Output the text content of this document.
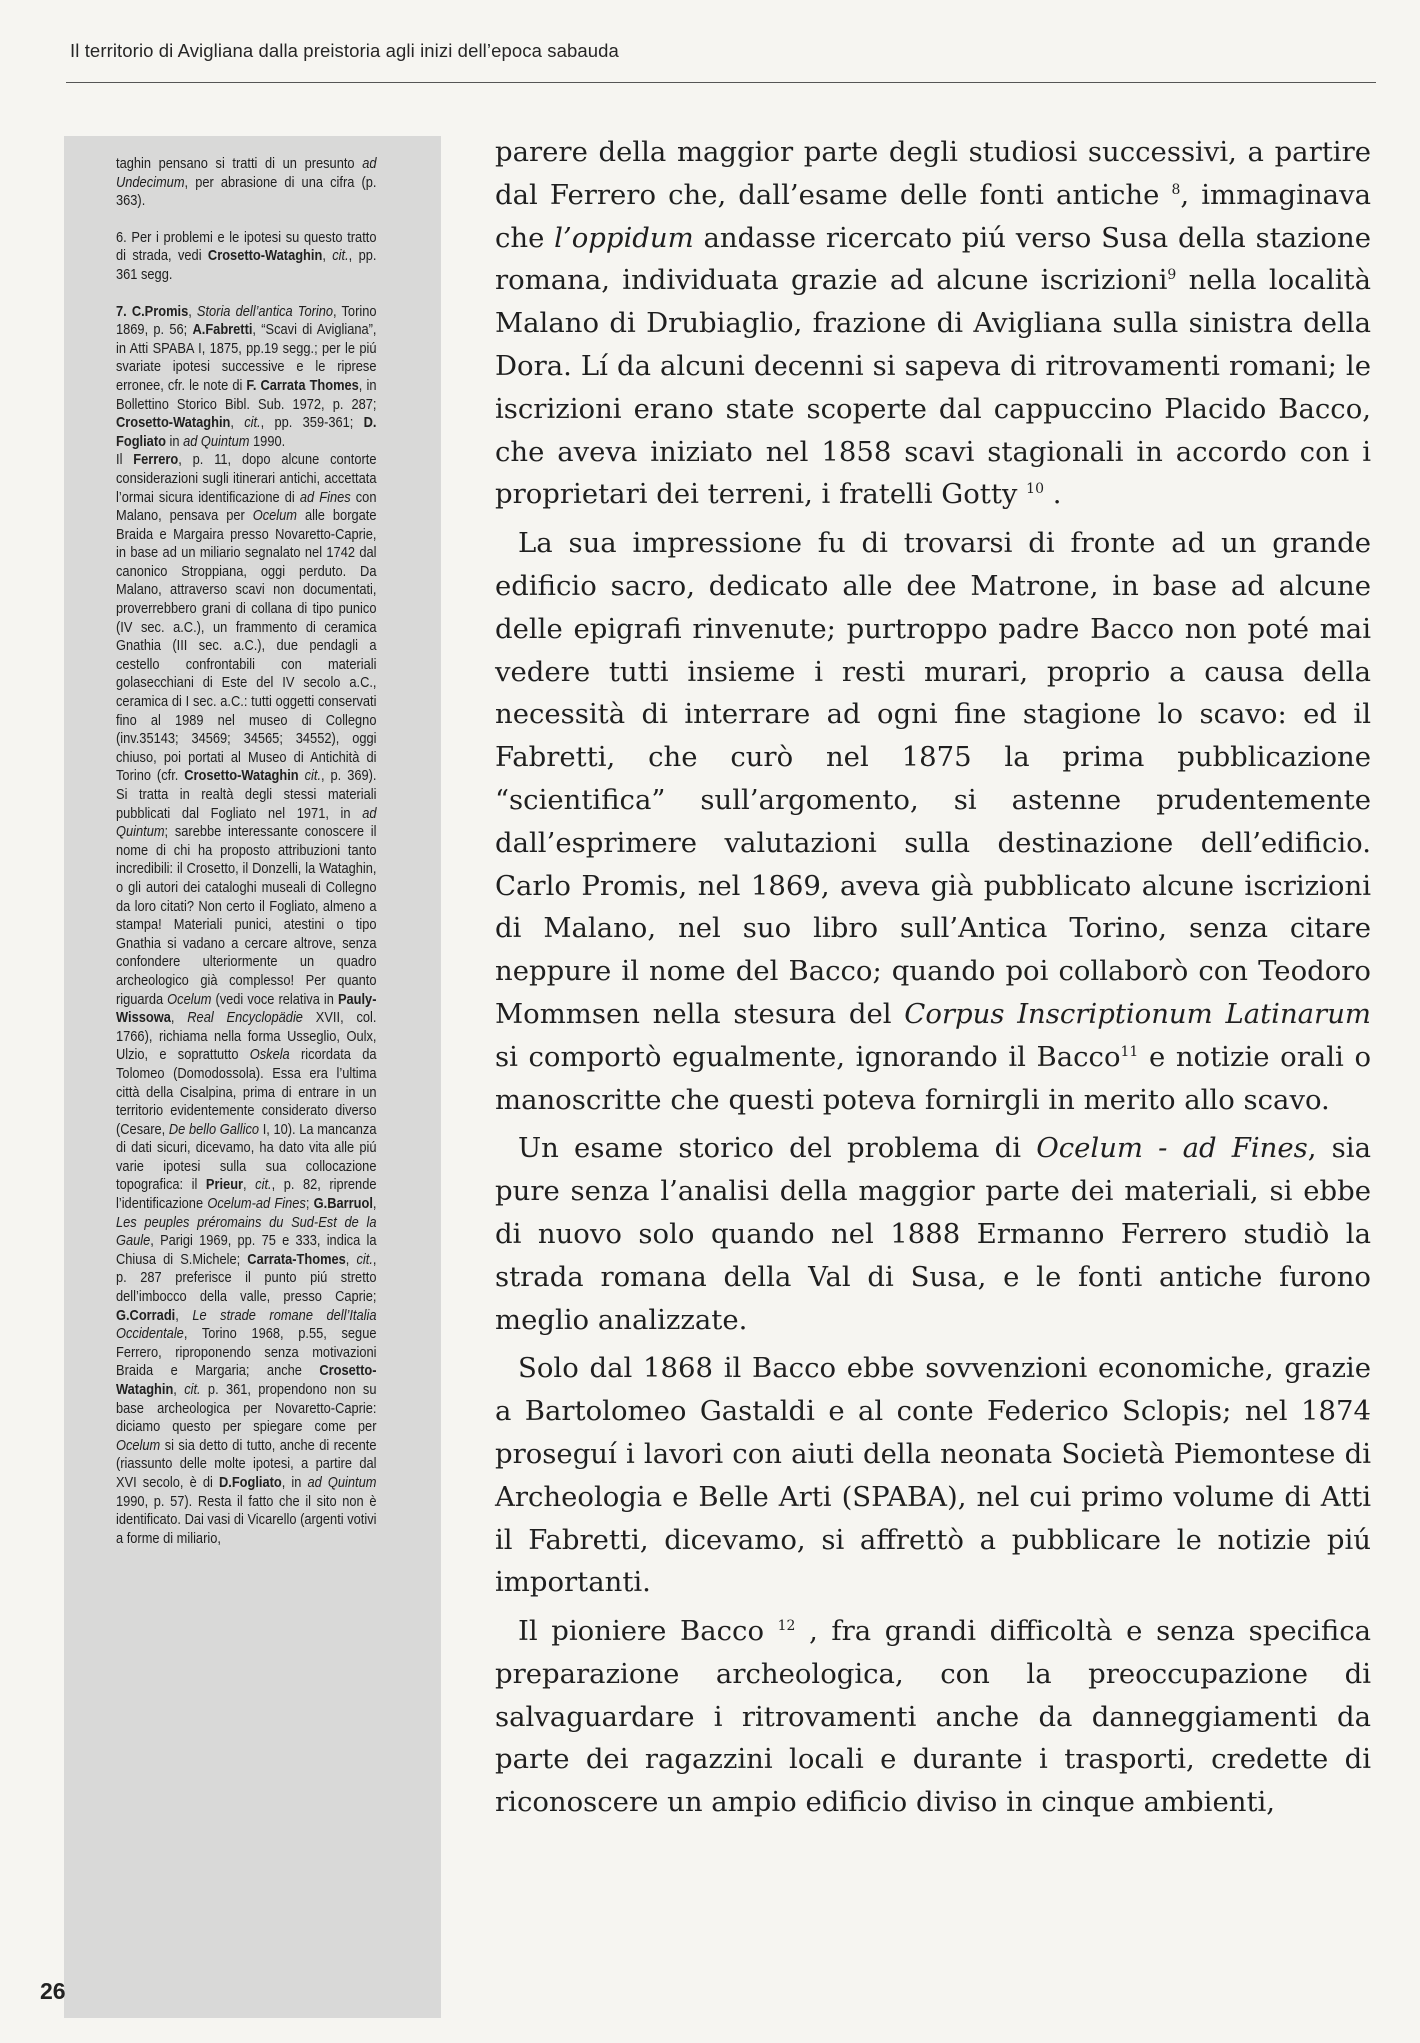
Il territorio di Avigliana dalla preistoria agli inizi dell’epoca sabauda

taghin pensano si tratti di un presunto ad Undecimum, per abrasione di una cifra (p. 363).

6. Per i problemi e le ipotesi su questo tratto di strada, vedi Crosetto-Wataghin, cit., pp. 361 segg.

7. C.Promis, Storia dell’antica Torino, Torino 1869, p. 56; A.Fabretti, “Scavi di Avigliana”, in Atti SPABA I, 1875, pp.19 segg.; per le piú svariate ipotesi successive e le riprese erronee, cfr. le note di F. Carrata Thomes, in Bollettino Storico Bibl. Sub. 1972, p. 287; Crosetto-Wataghin, cit., pp. 359-361; D. Fogliato in ad Quintum 1990.

Il Ferrero, p. 11, dopo alcune contorte considerazioni sugli itinerari antichi, accettata l’ormai sicura identificazione di ad Fines con Malano, pensava per Ocelum alle borgate Braida e Margaira presso Novaretto-Caprie, in base ad un miliario segnalato nel 1742 dal canonico Stroppiana, oggi perduto. Da Malano, attraverso scavi non documentati, proverrebbero grani di collana di tipo punico (IV sec. a.C.), un frammento di ceramica Gnathia (III sec. a.C.), due pendagli a cestello confrontabili con materiali golasecchiani di Este del IV secolo a.C., ceramica di I sec. a.C.: tutti oggetti conservati fino al 1989 nel museo di Collegno (inv.35143; 34569; 34565; 34552), oggi chiuso, poi portati al Museo di Antichità di Torino (cfr. Crosetto-Wataghin cit., p. 369). Si tratta in realtà degli stessi materiali pubblicati dal Fogliato nel 1971, in ad Quintum; sarebbe interessante conoscere il nome di chi ha proposto attribuzioni tanto incredibili: il Crosetto, il Donzelli, la Wataghin, o gli autori dei cataloghi museali di Collegno da loro citati? Non certo il Fogliato, almeno a stampa! Materiali punici, atestini o tipo Gnathia si vadano a cercare altrove, senza confondere ulteriormente un quadro archeologico già complesso! Per quanto riguarda Ocelum (vedi voce relativa in Pauly-Wissowa, Real Encyclopädie XVII, col. 1766), richiama nella forma Usseglio, Oulx, Ulzio, e soprattutto Oskela ricordata da Tolomeo (Domodossola). Essa era l’ultima città della Cisalpina, prima di entrare in un territorio evidentemente considerato diverso (Cesare, De bello Gallico I, 10). La mancanza di dati sicuri, dicevamo, ha dato vita alle piú varie ipotesi sulla sua collocazione topografica: il Prieur, cit., p. 82, riprende l’identificazione Ocelum-ad Fines; G.Barruol, Les peuples préromains du Sud-Est de la Gaule, Parigi 1969, pp. 75 e 333, indica la Chiusa di S.Michele; Carrata-Thomes, cit., p. 287 preferisce il punto piú stretto dell’imbocco della valle, presso Caprie; G.Corradi, Le strade romane dell’Italia Occidentale, Torino 1968, p.55, segue Ferrero, riproponendo senza motivazioni Braida e Margaria; anche Crosetto-Wataghin, cit. p. 361, propendono non su base archeologica per Novaretto-Caprie: diciamo questo per spiegare come per Ocelum si sia detto di tutto, anche di recente (riassunto delle molte ipotesi, a partire dal XVI secolo, è di D.Fogliato, in ad Quintum 1990, p. 57). Resta il fatto che il sito non è identificato. Dai vasi di Vicarello (argenti votivi a forme di miliario,

parere della maggior parte degli studiosi successivi, a partire dal Ferrero che, dall’esame delle fonti antiche $^8$, immaginava che l’oppidum andasse ricercato piú verso Susa della stazione romana, individuata grazie ad alcune iscrizioni$^9$ nella località Malano di Drubiaglio, frazione di Avigliana sulla sinistra della Dora. Lí da alcuni decenni si sapeva di ritrovamenti romani; le iscrizioni erano state scoperte dal cappuccino Placido Bacco, che aveva iniziato nel 1858 scavi stagionali in accordo con i proprietari dei terreni, i fratelli Gotty $^{10}$ .

La sua impressione fu di trovarsi di fronte ad un grande edificio sacro, dedicato alle dee Matrone, in base ad alcune delle epigrafi rinvenute; purtroppo padre Bacco non poté mai vedere tutti insieme i resti murari, proprio a causa della necessità di interrare ad ogni fine stagione lo scavo: ed il Fabretti, che curò nel 1875 la prima pubblicazione “scientifica” sull’argomento, si astenne prudentemente dall’esprimere valutazioni sulla destinazione dell’edificio. Carlo Promis, nel 1869, aveva già pubblicato alcune iscrizioni di Malano, nel suo libro sull’Antica Torino, senza citare neppure il nome del Bacco; quando poi collaborò con Teodoro Mommsen nella stesura del Corpus Inscriptionum Latinarum si comportò egualmente, ignorando il Bacco$^{11}$ e notizie orali o manoscritte che questi poteva fornirgli in merito allo scavo.

Un esame storico del problema di Ocelum - ad Fines, sia pure senza l’analisi della maggior parte dei materiali, si ebbe di nuovo solo quando nel 1888 Ermanno Ferrero studiò la strada romana della Val di Susa, e le fonti antiche furono meglio analizzate.

Solo dal 1868 il Bacco ebbe sovvenzioni economiche, grazie a Bartolomeo Gastaldi e al conte Federico Sclopis; nel 1874 proseguí i lavori con aiuti della neonata Società Piemontese di Archeologia e Belle Arti (SPABA), nel cui primo volume di Atti il Fabretti, dicevamo, si affrettò a pubblicare le notizie piú importanti.

Il pioniere Bacco $^{12}$ , fra grandi difficoltà e senza specifica preparazione archeologica, con la preoccupazione di salvaguardare i ritrovamenti anche da danneggiamenti da parte dei ragazzini locali e durante i trasporti, credette di riconoscere un ampio edificio diviso in cinque ambienti,

26
